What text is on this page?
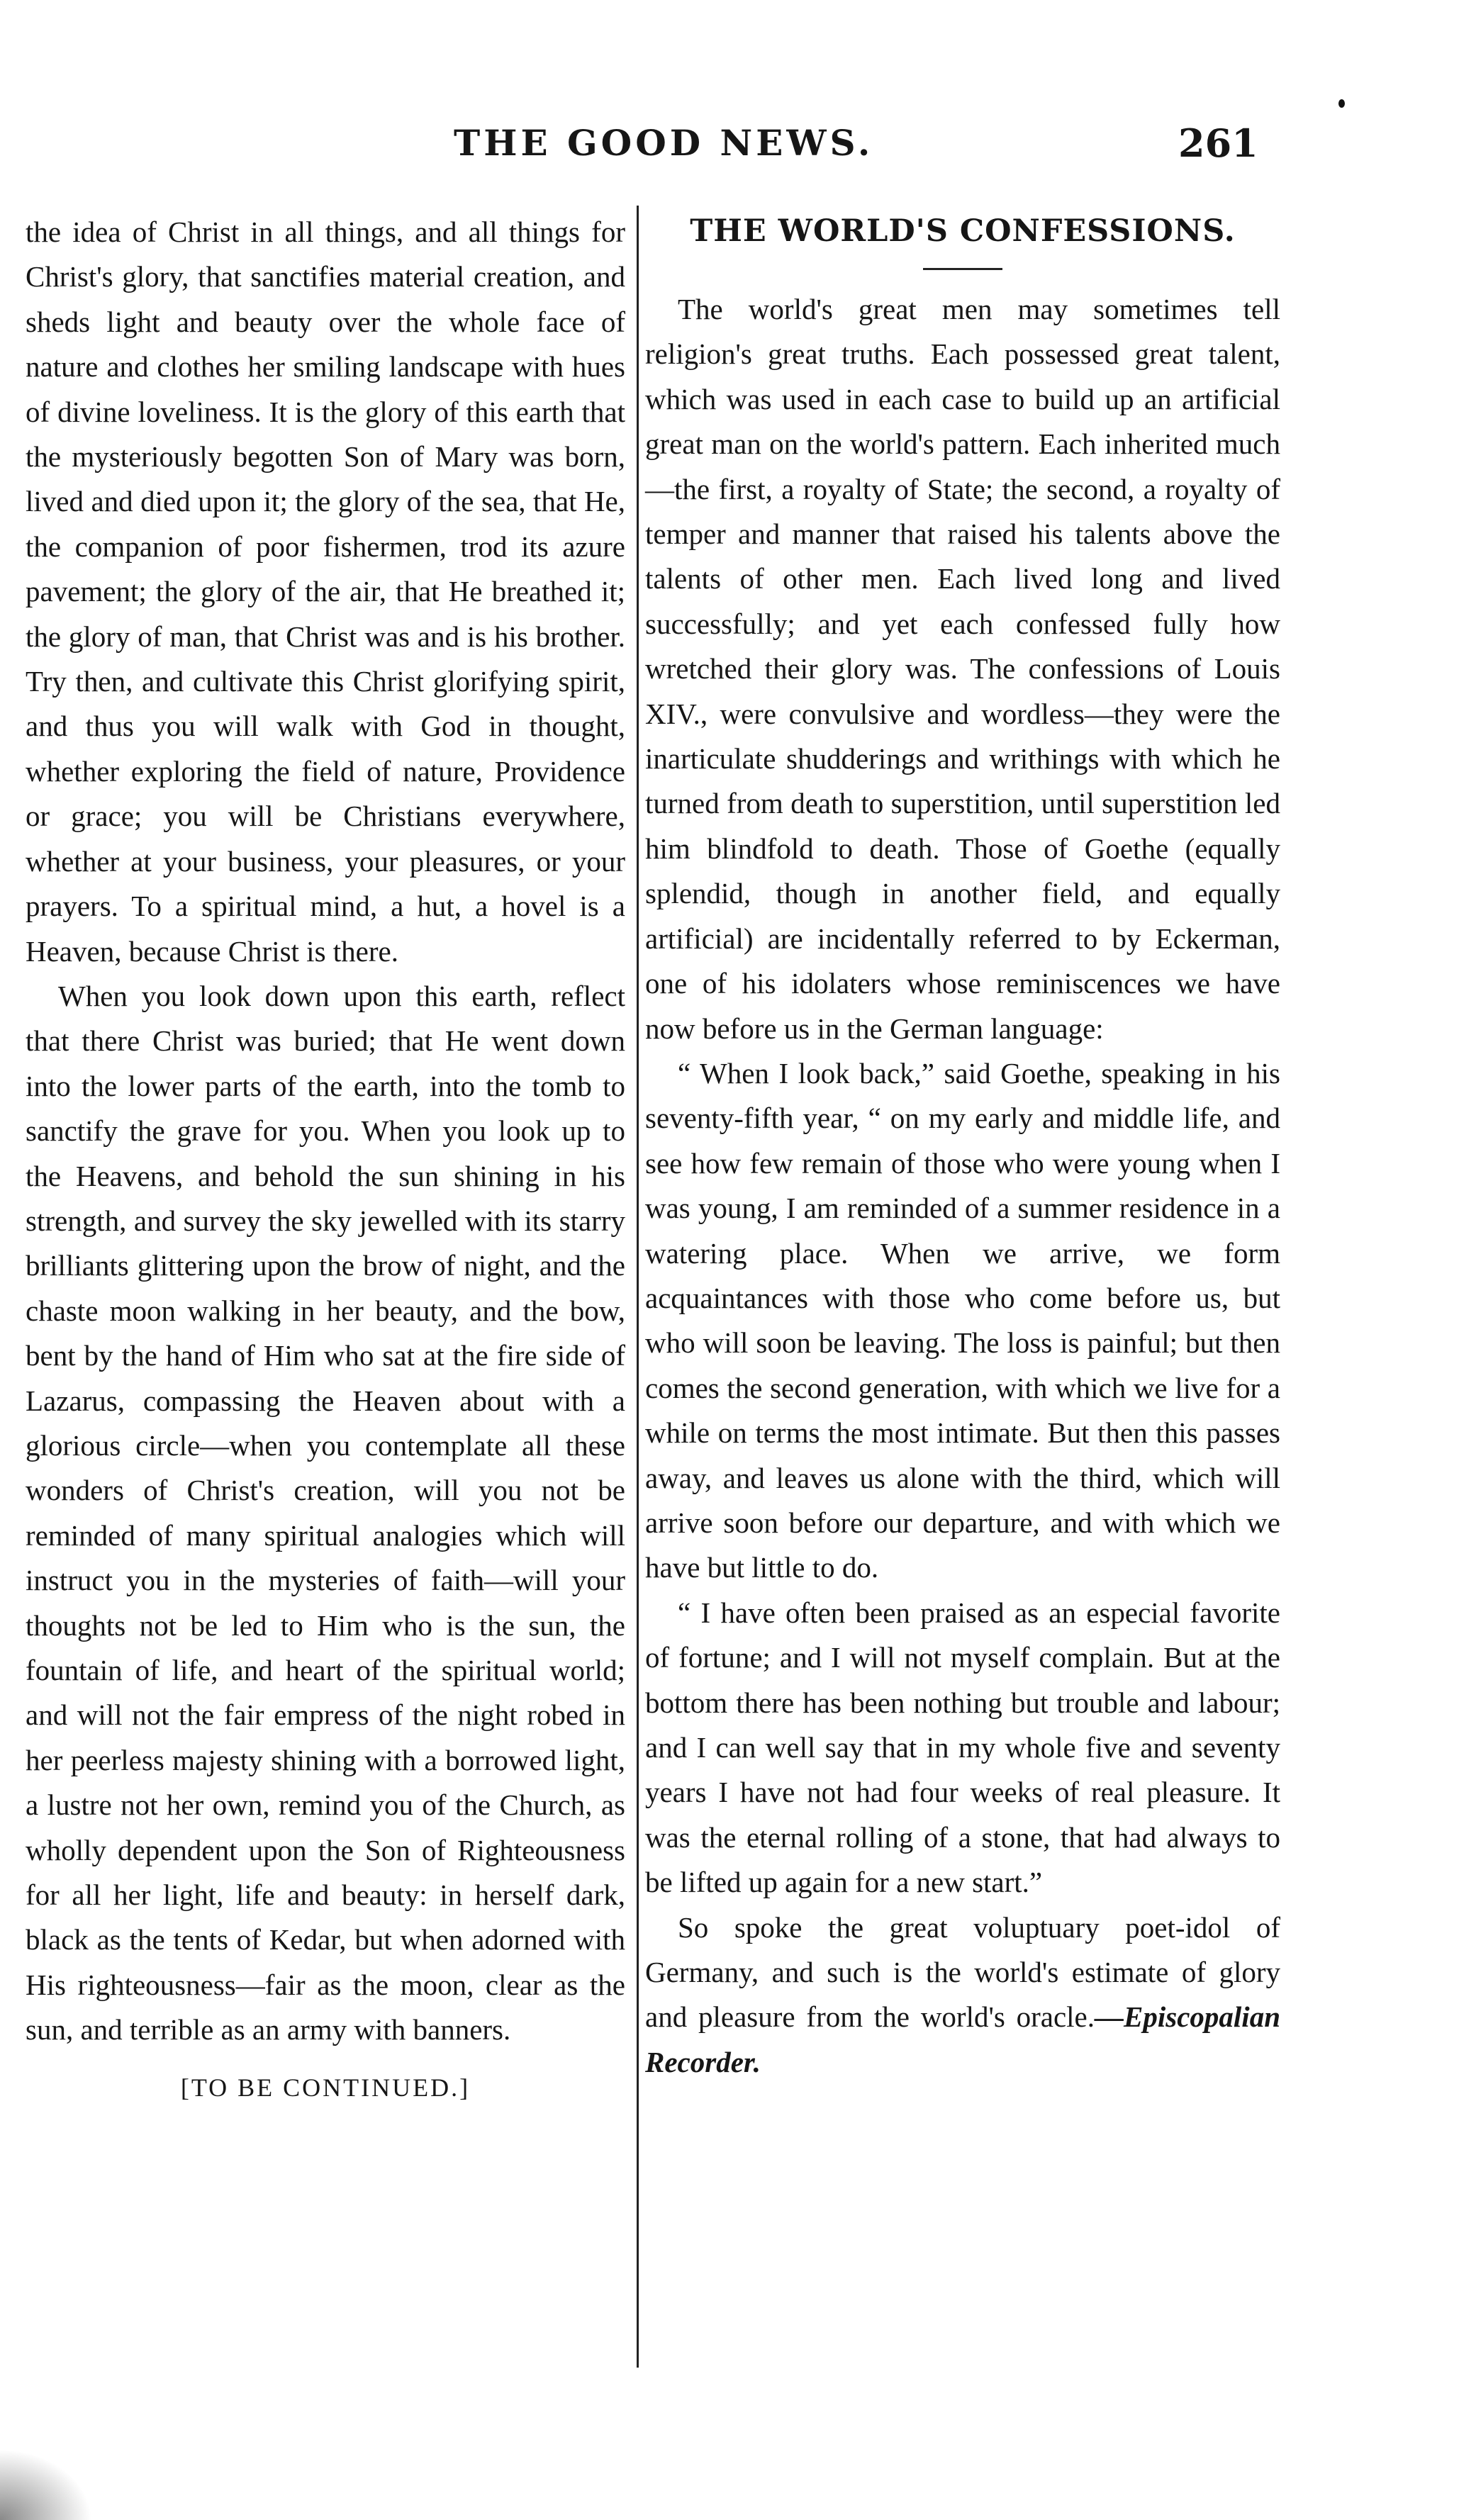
THE GOOD NEWS.	261

the idea of Christ in all things, and all things for Christ's glory, that sanctifies material creation, and sheds light and beauty over the whole face of nature and clothes her smiling landscape with hues of divine loveliness. It is the glory of this earth that the mysteriously begotten Son of Mary was born, lived and died upon it; the glory of the sea, that He, the companion of poor fishermen, trod its azure pavement; the glory of the air, that He breathed it; the glory of man, that Christ was and is his brother. Try then, and cultivate this Christ glorifying spirit, and thus you will walk with God in thought, whether exploring the field of nature, Providence or grace; you will be Christians everywhere, whether at your business, your pleasures, or your prayers. To a spiritual mind, a hut, a hovel is a Heaven, because Christ is there.

When you look down upon this earth, reflect that there Christ was buried; that He went down into the lower parts of the earth, into the tomb to sanctify the grave for you. When you look up to the Heavens, and behold the sun shining in his strength, and survey the sky jewelled with its starry brilliants glittering upon the brow of night, and the chaste moon walking in her beauty, and the bow, bent by the hand of Him who sat at the fire side of Lazarus, compassing the Heaven about with a glorious circle—when you contemplate all these wonders of Christ's creation, will you not be reminded of many spiritual analogies which will instruct you in the mysteries of faith—will your thoughts not be led to Him who is the sun, the fountain of life, and heart of the spiritual world; and will not the fair empress of the night robed in her peerless majesty shining with a borrowed light, a lustre not her own, remind you of the Church, as wholly dependent upon the Son of Righteousness for all her light, life and beauty: in herself dark, black as the tents of Kedar, but when adorned with His righteousness—fair as the moon, clear as the sun, and terrible as an army with banners.

[TO BE CONTINUED.]
THE WORLD'S CONFESSIONS.

The world's great men may sometimes tell religion's great truths. Each possessed great talent, which was used in each case to build up an artificial great man on the world's pattern. Each inherited much—the first, a royalty of State; the second, a royalty of temper and manner that raised his talents above the talents of other men. Each lived long and lived successfully; and yet each confessed fully how wretched their glory was. The confessions of Louis XIV., were convulsive and wordless—they were the inarticulate shudderings and writhings with which he turned from death to superstition, until superstition led him blindfold to death. Those of Goethe (equally splendid, though in another field, and equally artificial) are incidentally referred to by Eckerman, one of his idolaters whose reminiscences we have now before us in the German language:

“ When I look back,” said Goethe, speaking in his seventy-fifth year, “ on my early and middle life, and see how few remain of those who were young when I was young, I am reminded of a summer residence in a watering place. When we arrive, we form acquaintances with those who come before us, but who will soon be leaving. The loss is painful; but then comes the second generation, with which we live for a while on terms the most intimate. But then this passes away, and leaves us alone with the third, which will arrive soon before our departure, and with which we have but little to do.

“ I have often been praised as an especial favorite of fortune; and I will not myself complain. But at the bottom there has been nothing but trouble and labour; and I can well say that in my whole five and seventy years I have not had four weeks of real pleasure. It was the eternal rolling of a stone, that had always to be lifted up again for a new start.”

So spoke the great voluptuary poet-idol of Germany, and such is the world's estimate of glory and pleasure from the world's oracle.—Episcopalian Recorder.
